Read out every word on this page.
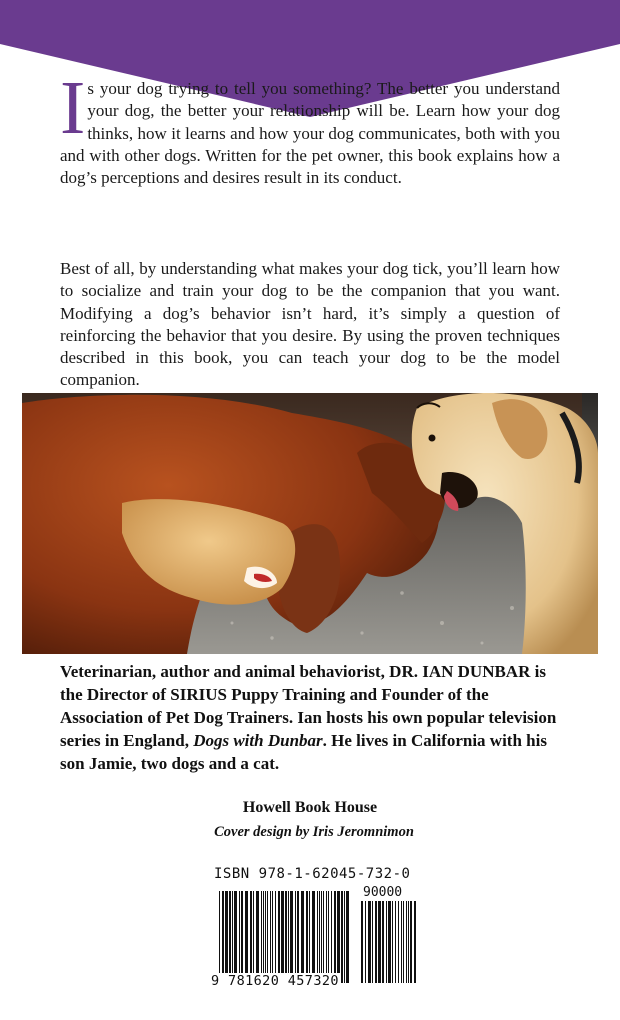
Is your dog trying to tell you something? The better you understand your dog, the better your relationship will be. Learn how your dog thinks, how it learns and how your dog communicates, both with you and with other dogs. Written for the pet owner, this book explains how a dog’s perceptions and desires result in its conduct.

Best of all, by understanding what makes your dog tick, you’ll learn how to socialize and train your dog to be the companion that you want. Modifying a dog’s behavior isn’t hard, it’s simply a question of reinforcing the behavior that you desire. By using the proven techniques described in this book, you can teach your dog to be the model companion.

Veterinarian, author and animal behaviorist, DR. IAN DUNBAR is the Director of SIRIUS Puppy Training and Founder of the Association of Pet Dog Trainers. Ian hosts his own popular television series in England, Dogs with Dunbar. He lives in California with his son Jamie, two dogs and a cat.

Howell Book House
Cover design by Iris Jeromnimon
ISBN 978-1-62045-732-0
90000
9 781620 457320
